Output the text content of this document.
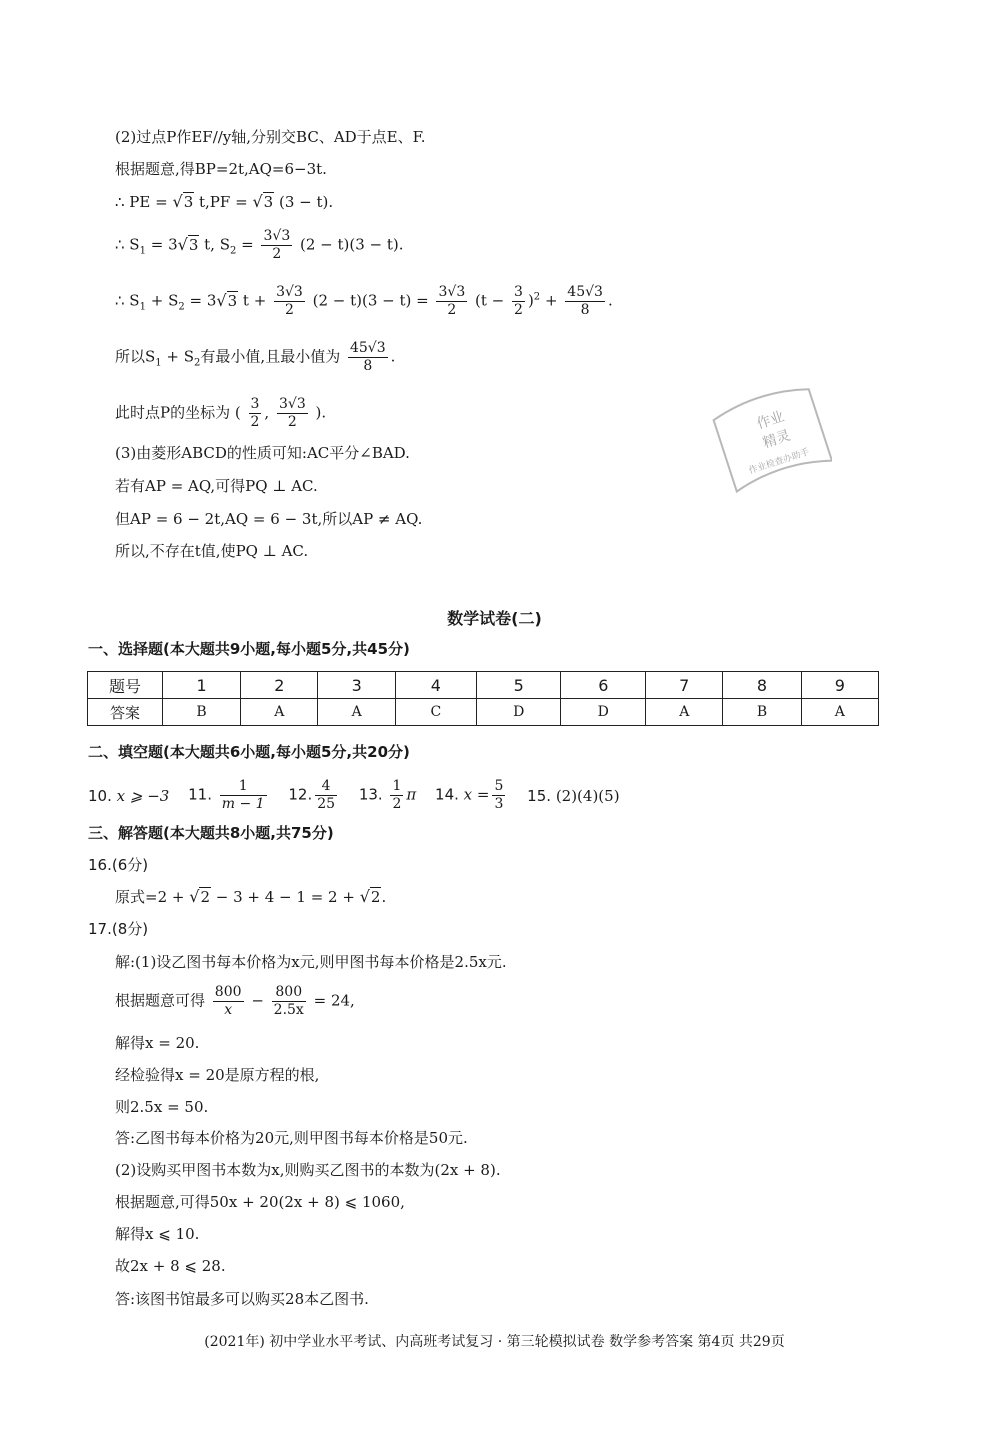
(2)过点P作EF//y轴,分别交BC、AD于点E、F.
根据题意,得BP=2t,AQ=6−3t.
∴ PE = √3 t,PF = √3 (3 − t).
∴ $S_1 = 3√3$ t, $S_2 = \frac{3√3}{2} (2 - t)(3 - t)$.
∴ $S_1 + S_2 = 3√3$ $t + \frac{3√3}{2} (2 - t)(3 - t) = \frac{3√3}{2} (t - \frac{3}{2} )^2 + \frac{45√3}{8}$ .
所以$S_1 + S_2$有最小值,且最小值为 $\frac{45√3}{8}$ .
此时点P的坐标为 ( $\frac{3}{2}$ , $\frac{3√3}{2}$ ).	作业
精灵
作业检查办助手
(3)由菱形ABCD的性质可知:AC平分∠BAD.
若有AP = AQ,可得PQ ⊥ AC.
但AP = 6 − 2t,AQ = 6 − 3t,所以AP ≠ AQ.
所以,不存在t值,使PQ ⊥ AC.
数学试卷(二)
一、选择题(本大题共9小题,每小题5分,共45分)
题号	1	2	3	4	5	6	7	8	9
答案	B	A	A	C	D	D	A	B	A
二、填空题(本大题共6小题,每小题5分,共20分)
10. x ⩾ −3 11. $\frac{1}{m - 1} 12$. $\frac{4}{25} 13$. $\frac{1}{2}$ π 14. $x = \frac{5}{3} 15$. (2)(4)(5)
三、解答题(本大题共8小题,共75分)
16.(6分)
原式=2 + √2 − 3 + 4 − 1 = 2 + √2.
17.(8分)
解:(1)设乙图书每本价格为x元,则甲图书每本价格是2.5x元.
根据题意可得 $\frac{800}{x} - \frac{800}{2.5x} = 24$,
解得x = 20.
经检验得x = 20是原方程的根,
则2.5x = 50.
答:乙图书每本价格为20元,则甲图书每本价格是50元.
(2)设购买甲图书本数为x,则购买乙图书的本数为(2x + 8).
根据题意,可得50x + 20(2x + 8) ⩽ 1060,
解得x ⩽ 10.
故2x + 8 ⩽ 28.
答:该图书馆最多可以购买28本乙图书.
(2021年) 初中学业水平考试、内高班考试复习 · 第三轮模拟试卷 数学参考答案 第4页 共29页
